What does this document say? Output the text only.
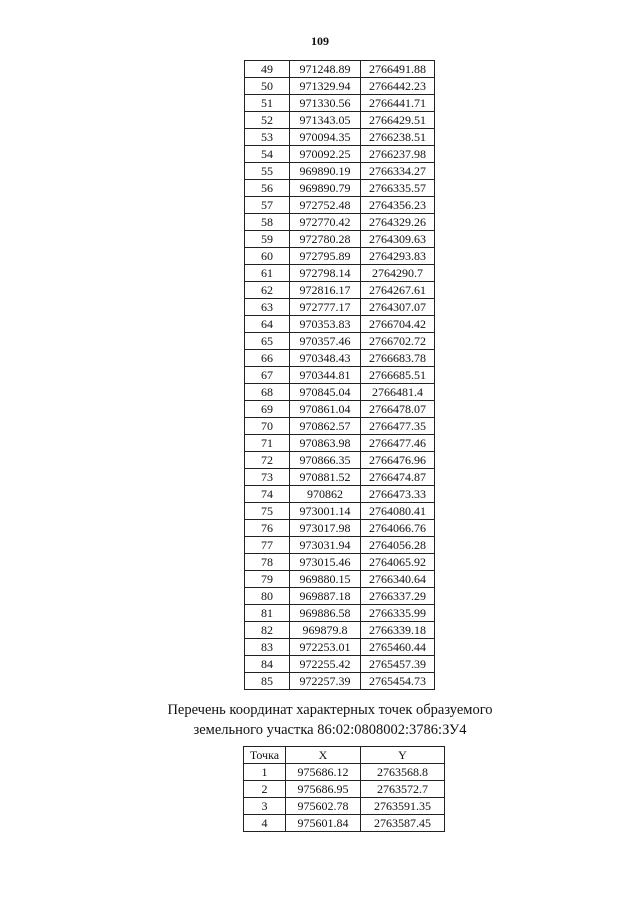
109
49	971248.89	2766491.88
50	971329.94	2766442.23
51	971330.56	2766441.71
52	971343.05	2766429.51
53	970094.35	2766238.51
54	970092.25	2766237.98
55	969890.19	2766334.27
56	969890.79	2766335.57
57	972752.48	2764356.23
58	972770.42	2764329.26
59	972780.28	2764309.63
60	972795.89	2764293.83
61	972798.14	2764290.7
62	972816.17	2764267.61
63	972777.17	2764307.07
64	970353.83	2766704.42
65	970357.46	2766702.72
66	970348.43	2766683.78
67	970344.81	2766685.51
68	970845.04	2766481.4
69	970861.04	2766478.07
70	970862.57	2766477.35
71	970863.98	2766477.46
72	970866.35	2766476.96
73	970881.52	2766474.87
74	970862	2766473.33
75	973001.14	2764080.41
76	973017.98	2764066.76
77	973031.94	2764056.28
78	973015.46	2764065.92
79	969880.15	2766340.64
80	969887.18	2766337.29
81	969886.58	2766335.99
82	969879.8	2766339.18
83	972253.01	2765460.44
84	972255.42	2765457.39
85	972257.39	2765454.73
Перечень координат характерных точек образуемого
земельного участка 86:02:0808002:3786:ЗУ4
Точка	X	Y
1	975686.12	2763568.8
2	975686.95	2763572.7
3	975602.78	2763591.35
4	975601.84	2763587.45
